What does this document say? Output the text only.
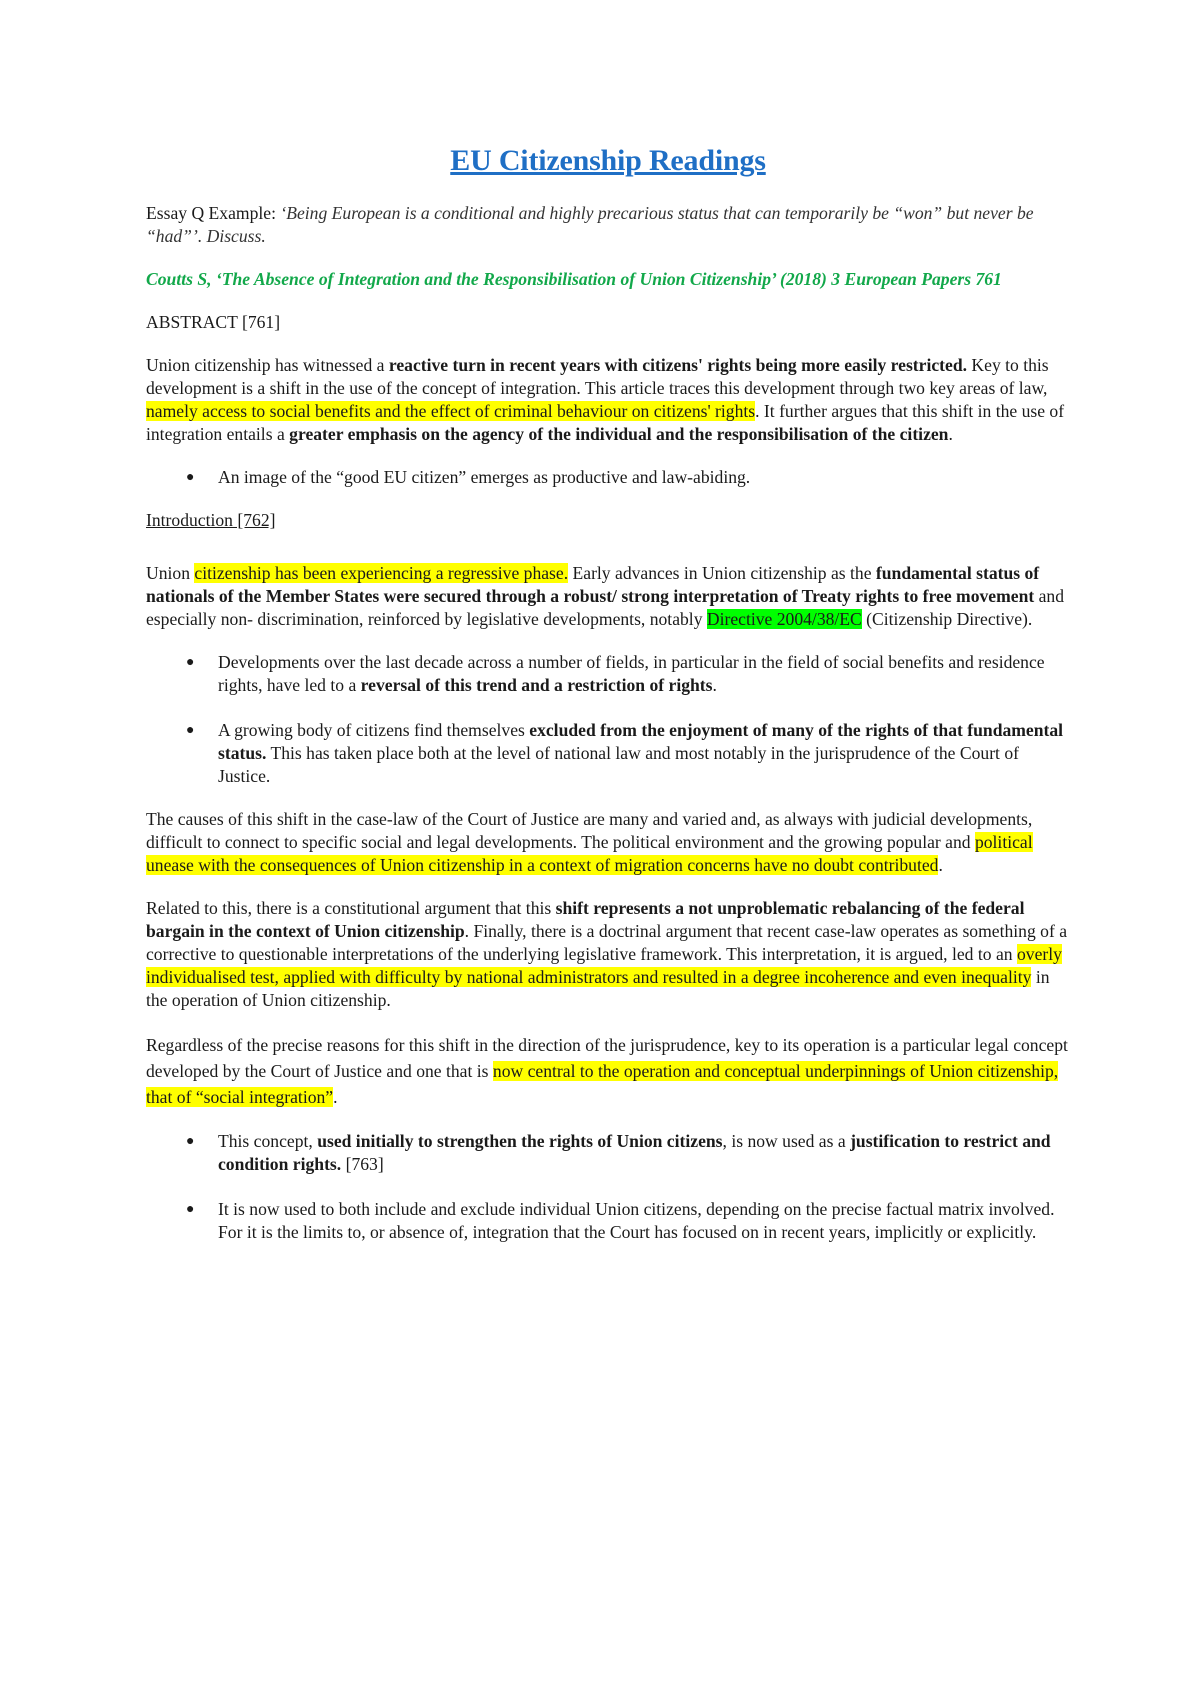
EU Citizenship Readings

Essay Q Example: ‘Being European is a conditional and highly precarious status that can temporarily be “won” but never be “had”’. Discuss.

Coutts S, ‘The Absence of Integration and the Responsibilisation of Union Citizenship’ (2018) 3 European Papers 761

ABSTRACT [761]

Union citizenship has witnessed a reactive turn in recent years with citizens' rights being more easily restricted. Key to this development is a shift in the use of the concept of integration. This article traces this development through two key areas of law, namely access to social benefits and the effect of criminal behaviour on citizens' rights. It further argues that this shift in the use of integration entails a greater emphasis on the agency of the individual and the responsibilisation of the citizen.

● An image of the “good EU citizen” emerges as productive and law-abiding.

Introduction [762]

Union citizenship has been experiencing a regressive phase. Early advances in Union citizenship as the fundamental status of nationals of the Member States were secured through a robust/ strong interpretation of Treaty rights to free movement and especially non- discrimination, reinforced by legislative developments, notably Directive 2004/38/EC (Citizenship Directive).

● Developments over the last decade across a number of fields, in particular in the field of social benefits and residence rights, have led to a reversal of this trend and a restriction of rights.
● A growing body of citizens find themselves excluded from the enjoyment of many of the rights of that fundamental status. This has taken place both at the level of national law and most notably in the jurisprudence of the Court of Justice.

The causes of this shift in the case-law of the Court of Justice are many and varied and, as always with judicial developments, difficult to connect to specific social and legal developments. The political environment and the growing popular and political unease with the consequences of Union citizenship in a context of migration concerns have no doubt contributed.

Related to this, there is a constitutional argument that this shift represents a not unproblematic rebalancing of the federal bargain in the context of Union citizenship. Finally, there is a doctrinal argument that recent case-law operates as something of a corrective to questionable interpretations of the underlying legislative framework. This interpretation, it is argued, led to an overly individualised test, applied with difficulty by national administrators and resulted in a degree incoherence and even inequality in the operation of Union citizenship.

Regardless of the precise reasons for this shift in the direction of the jurisprudence, key to its operation is a particular legal concept developed by the Court of Justice and one that is now central to the operation and conceptual underpinnings of Union citizenship, that of “social integration”.

● This concept, used initially to strengthen the rights of Union citizens, is now used as a justification to restrict and condition rights. [763]
● It is now used to both include and exclude individual Union citizens, depending on the precise factual matrix involved. For it is the limits to, or absence of, integration that the Court has focused on in recent years, implicitly or explicitly.
